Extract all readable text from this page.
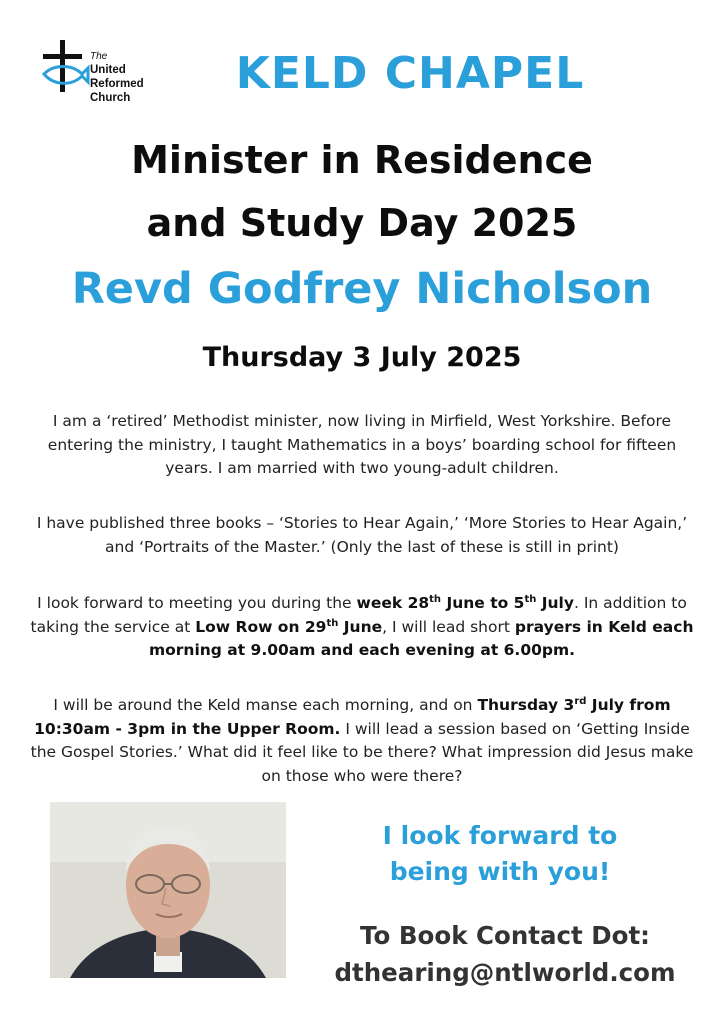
The
United
Reformed
Church	KELD CHAPEL
Minister in Residence
and Study Day 2025
Revd Godfrey Nicholson
Thursday 3 July 2025
I am a ‘retired’ Methodist minister, now living in Mirfield, West Yorkshire. Before entering the ministry, I taught Mathematics in a boys’ boarding school for fifteen years. I am married with two young-adult children.
I have published three books – ‘Stories to Hear Again,’ ‘More Stories to Hear Again,’ and ‘Portraits of the Master.’ (Only the last of these is still in print)
I look forward to meeting you during the week 28th June to 5th July. In addition to taking the service at Low Row on 29th June, I will lead short prayers in Keld each morning at 9.00am and each evening at 6.00pm.
I will be around the Keld manse each morning, and on Thursday 3rd July from 10:30am - 3pm in the Upper Room. I will lead a session based on ‘Getting Inside the Gospel Stories.’ What did it feel like to be there? What impression did Jesus make on those who were there?
I look forward to
being with you!
To Book Contact Dot:
dthearing@ntlworld.com
